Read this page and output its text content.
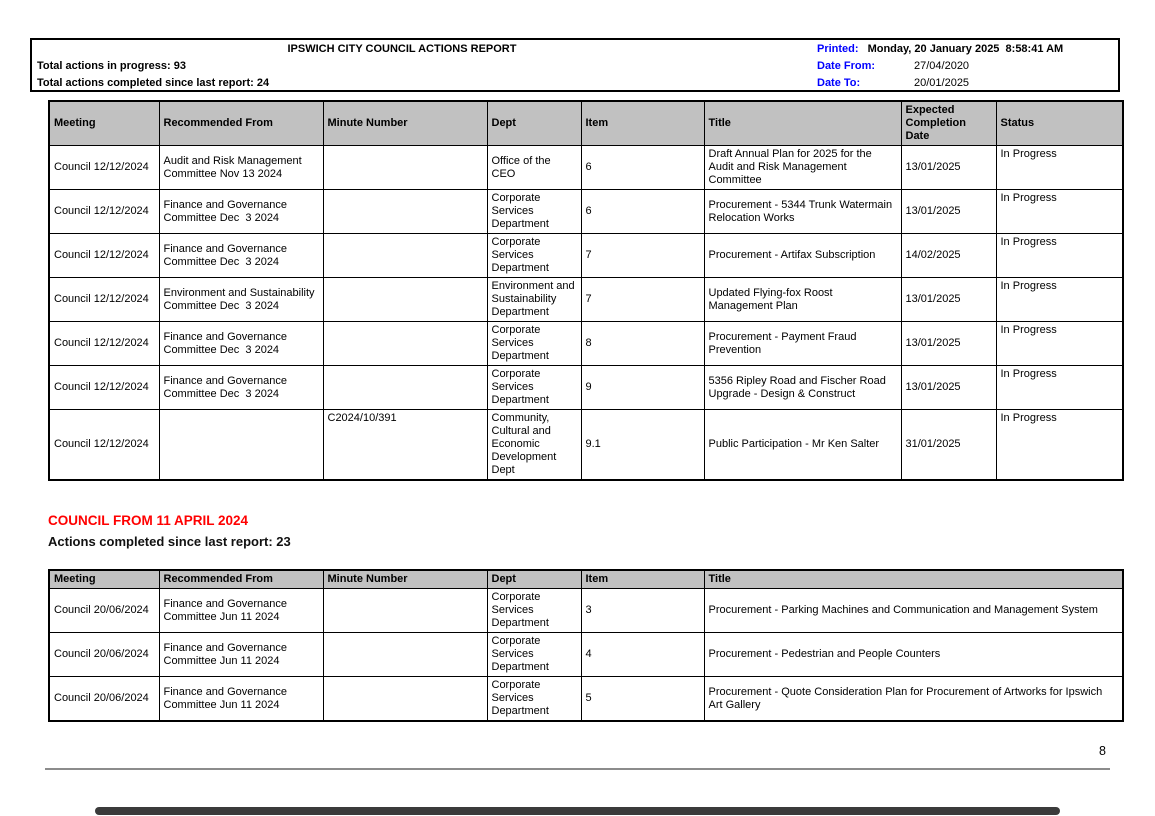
IPSWICH CITY COUNCIL ACTIONS REPORT
Total actions in progress: 93
Total actions completed since last report: 24
Printed: Monday, 20 January 2025  8:58:41 AM
Date From:	27/04/2020
Date To:	20/01/2025
Meeting	Recommended From	Minute Number	Dept	Item	Title	Expected Completion Date	Status
Council 12/12/2024	Audit and Risk Management Committee Nov 13 2024		Office of the CEO	6	Draft Annual Plan for 2025 for the Audit and Risk Management Committee	13/01/2025	In Progress
Council 12/12/2024	Finance and Governance Committee Dec  3 2024		Corporate Services Department	6	Procurement - 5344 Trunk Watermain Relocation Works	13/01/2025	In Progress
Council 12/12/2024	Finance and Governance Committee Dec  3 2024		Corporate Services Department	7	Procurement - Artifax Subscription	14/02/2025	In Progress
Council 12/12/2024	Environment and Sustainability Committee Dec  3 2024		Environment and Sustainability Department	7	Updated Flying-fox Roost Management Plan	13/01/2025	In Progress
Council 12/12/2024	Finance and Governance Committee Dec  3 2024		Corporate Services Department	8	Procurement - Payment Fraud Prevention	13/01/2025	In Progress
Council 12/12/2024	Finance and Governance Committee Dec  3 2024		Corporate Services Department	9	5356 Ripley Road and Fischer Road Upgrade - Design & Construct	13/01/2025	In Progress
Council 12/12/2024		C2024/10/391	Community, Cultural and Economic Development Dept	9.1	Public Participation - Mr Ken Salter	31/01/2025	In Progress
COUNCIL FROM 11 APRIL 2024
Actions completed since last report: 23
Meeting	Recommended From	Minute Number	Dept	Item	Title
Council 20/06/2024	Finance and Governance Committee Jun 11 2024		Corporate Services Department	3	Procurement - Parking Machines and Communication and Management System
Council 20/06/2024	Finance and Governance Committee Jun 11 2024		Corporate Services Department	4	Procurement - Pedestrian and People Counters
Council 20/06/2024	Finance and Governance Committee Jun 11 2024		Corporate Services Department	5	Procurement - Quote Consideration Plan for Procurement of Artworks for Ipswich Art Gallery
8
